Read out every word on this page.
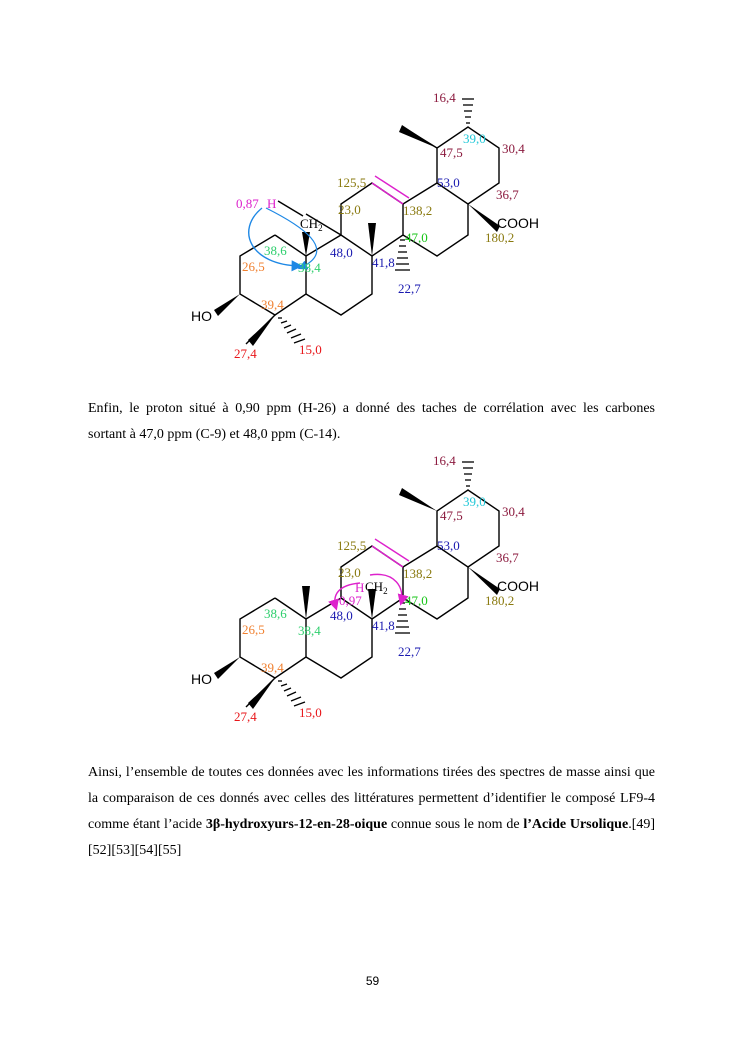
16,4
39,0
30,4
47,5
53,0
36,7
125,5
23,0	138,2
COOH
180,2
47,0
48,0
41,8
22,7
38,6
26,5	38,4
39,4
HO
27,4	15,0
$CH_2$
0,87 H

Enfin, le proton situé à 0,90 ppm (H-26) a donné des taches de corrélation avec les carbones
sortant à 47,0 ppm (C-9) et 48,0 ppm (C-14).

16,4
39,0
30,4
47,5
53,0
36,7
125,5
23,0	138,2
COOH
180,2
47,0
48,0
41,8
22,7
38,6
26,5	38,4
39,4
HO
27,4	15,0
H $CH_2$
0,97

Ainsi, l’ensemble de toutes ces données avec les informations tirées des spectres de masse ainsi que la comparaison de ces donnés avec celles des littératures permettent d’identifier le composé LF9-4 comme étant l’acide 3β-hydroxyurs-12-en-28-oique connue sous le nom de l’Acide Ursolique.[49][52][53][54][55]

59
